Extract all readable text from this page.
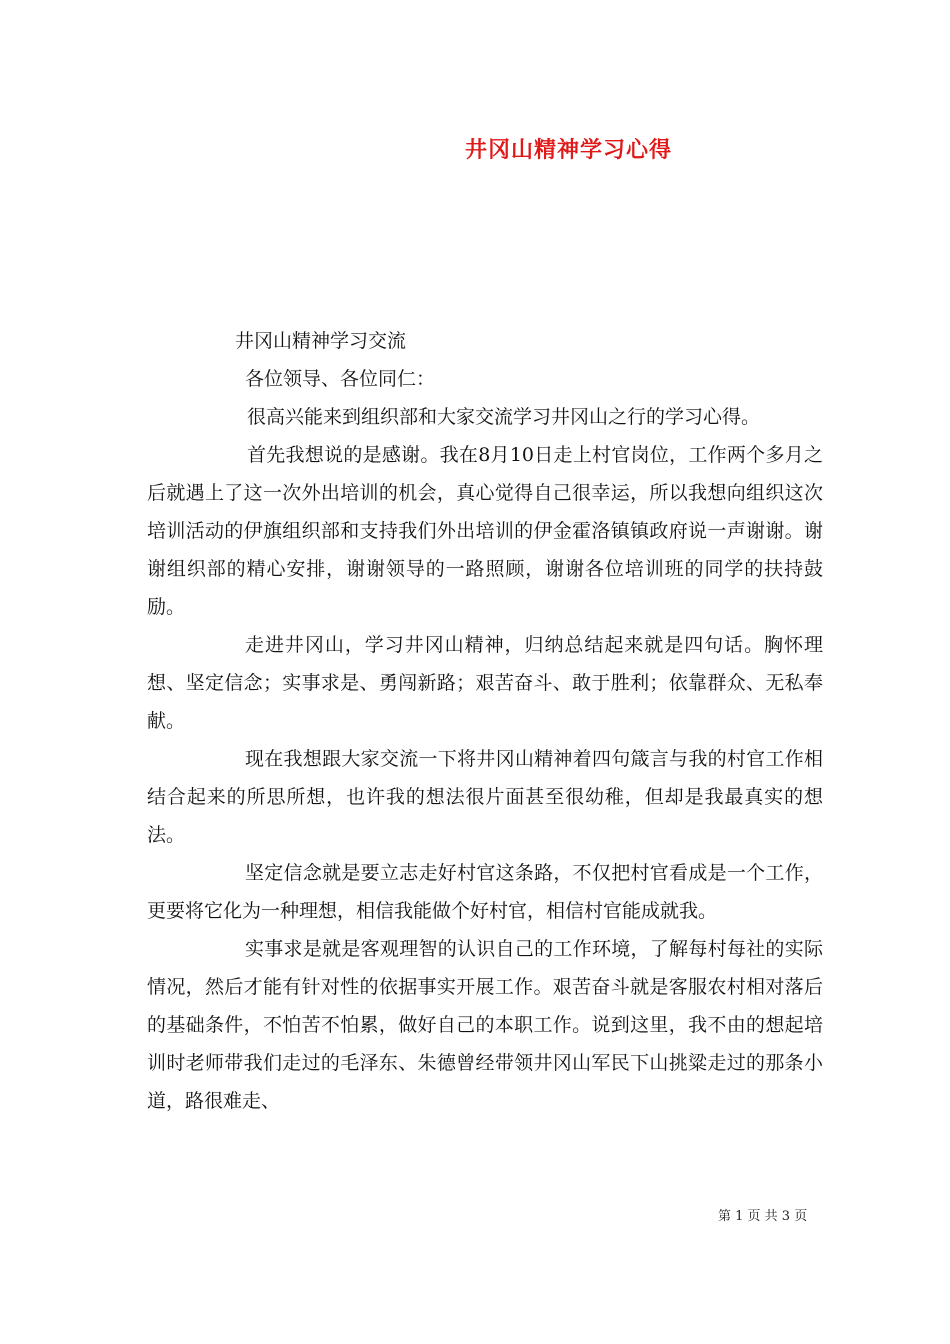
井冈山精神学习心得

井冈山精神学习交流

各位领导、各位同仁：

很高兴能来到组织部和大家交流学习井冈山之行的学习心得。

首先我想说的是感谢。我在8月10日走上村官岗位，工作两个多月之后就遇上了这一次外出培训的机会，真心觉得自己很幸运，所以我想向组织这次培训活动的伊旗组织部和支持我们外出培训的伊金霍洛镇镇政府说一声谢谢。谢谢组织部的精心安排，谢谢领导的一路照顾，谢谢各位培训班的同学的扶持鼓励。

走进井冈山，学习井冈山精神，归纳总结起来就是四句话。胸怀理想、坚定信念；实事求是、勇闯新路；艰苦奋斗、敢于胜利；依靠群众、无私奉献。

现在我想跟大家交流一下将井冈山精神着四句箴言与我的村官工作相结合起来的所思所想，也许我的想法很片面甚至很幼稚，但却是我最真实的想法。

坚定信念就是要立志走好村官这条路，不仅把村官看成是一个工作，更要将它化为一种理想，相信我能做个好村官，相信村官能成就我。

实事求是就是客观理智的认识自己的工作环境，了解每村每社的实际情况，然后才能有针对性的依据事实开展工作。艰苦奋斗就是客服农村相对落后的基础条件，不怕苦不怕累，做好自己的本职工作。说到这里，我不由的想起培训时老师带我们走过的毛泽东、朱德曾经带领井冈山军民下山挑粱走过的那条小道，路很难走、

第 1 页 共 3 页
